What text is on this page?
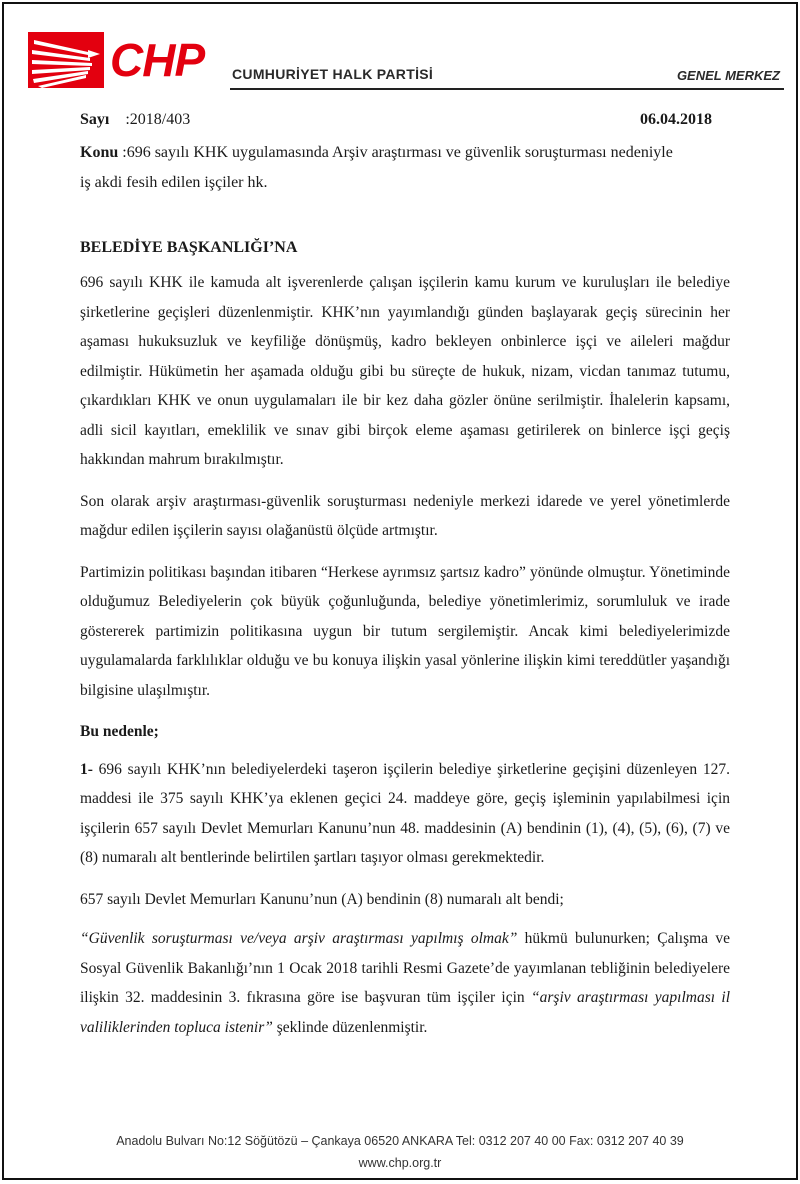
CHP CUMHURİYET HALK PARTİSİ	GENEL MERKEZ
Sayı :2018/403	06.04.2018
Konu :696 sayılı KHK uygulamasında Arşiv araştırması ve güvenlik soruşturması nedeniyle
iş akdi fesih edilen işçiler hk.
BELEDİYE BAŞKANLIĞI’NA

696 sayılı KHK ile kamuda alt işverenlerde çalışan işçilerin kamu kurum ve kuruluşları ile belediye şirketlerine geçişleri düzenlenmiştir. KHK’nın yayımlandığı günden başlayarak geçiş sürecinin her aşaması hukuksuzluk ve keyfiliğe dönüşmüş, kadro bekleyen onbinlerce işçi ve aileleri mağdur edilmiştir. Hükümetin her aşamada olduğu gibi bu süreçte de hukuk, nizam, vicdan tanımaz tutumu, çıkardıkları KHK ve onun uygulamaları ile bir kez daha gözler önüne serilmiştir. İhalelerin kapsamı, adli sicil kayıtları, emeklilik ve sınav gibi birçok eleme aşaması getirilerek on binlerce işçi geçiş hakkından mahrum bırakılmıştır.

Son olarak arşiv araştırması-güvenlik soruşturması nedeniyle merkezi idarede ve yerel yönetimlerde mağdur edilen işçilerin sayısı olağanüstü ölçüde artmıştır.

Partimizin politikası başından itibaren “Herkese ayrımsız şartsız kadro” yönünde olmuştur. Yönetiminde olduğumuz Belediyelerin çok büyük çoğunluğunda, belediye yönetimlerimiz, sorumluluk ve irade göstererek partimizin politikasına uygun bir tutum sergilemiştir. Ancak kimi belediyelerimizde uygulamalarda farklılıklar olduğu ve bu konuya ilişkin yasal yönlerine ilişkin kimi tereddütler yaşandığı bilgisine ulaşılmıştır.

Bu nedenle;

1- 696 sayılı KHK’nın belediyelerdeki taşeron işçilerin belediye şirketlerine geçişini düzenleyen 127. maddesi ile 375 sayılı KHK’ya eklenen geçici 24. maddeye göre, geçiş işleminin yapılabilmesi için işçilerin 657 sayılı Devlet Memurları Kanunu’nun 48. maddesinin (A) bendinin (1), (4), (5), (6), (7) ve (8) numaralı alt bentlerinde belirtilen şartları taşıyor olması gerekmektedir.

657 sayılı Devlet Memurları Kanunu’nun (A) bendinin (8) numaralı alt bendi;

“Güvenlik soruşturması ve/veya arşiv araştırması yapılmış olmak” hükmü bulunurken; Çalışma ve Sosyal Güvenlik Bakanlığı’nın 1 Ocak 2018 tarihli Resmi Gazete’de yayımlanan tebliğinin belediyelere ilişkin 32. maddesinin 3. fıkrasına göre ise başvuran tüm işçiler için “arşiv araştırması yapılması il valiliklerinden topluca istenir” şeklinde düzenlenmiştir.

Anadolu Bulvarı No:12 Söğütözü – Çankaya 06520 ANKARA Tel: 0312 207 40 00 Fax: 0312 207 40 39
www.chp.org.tr
